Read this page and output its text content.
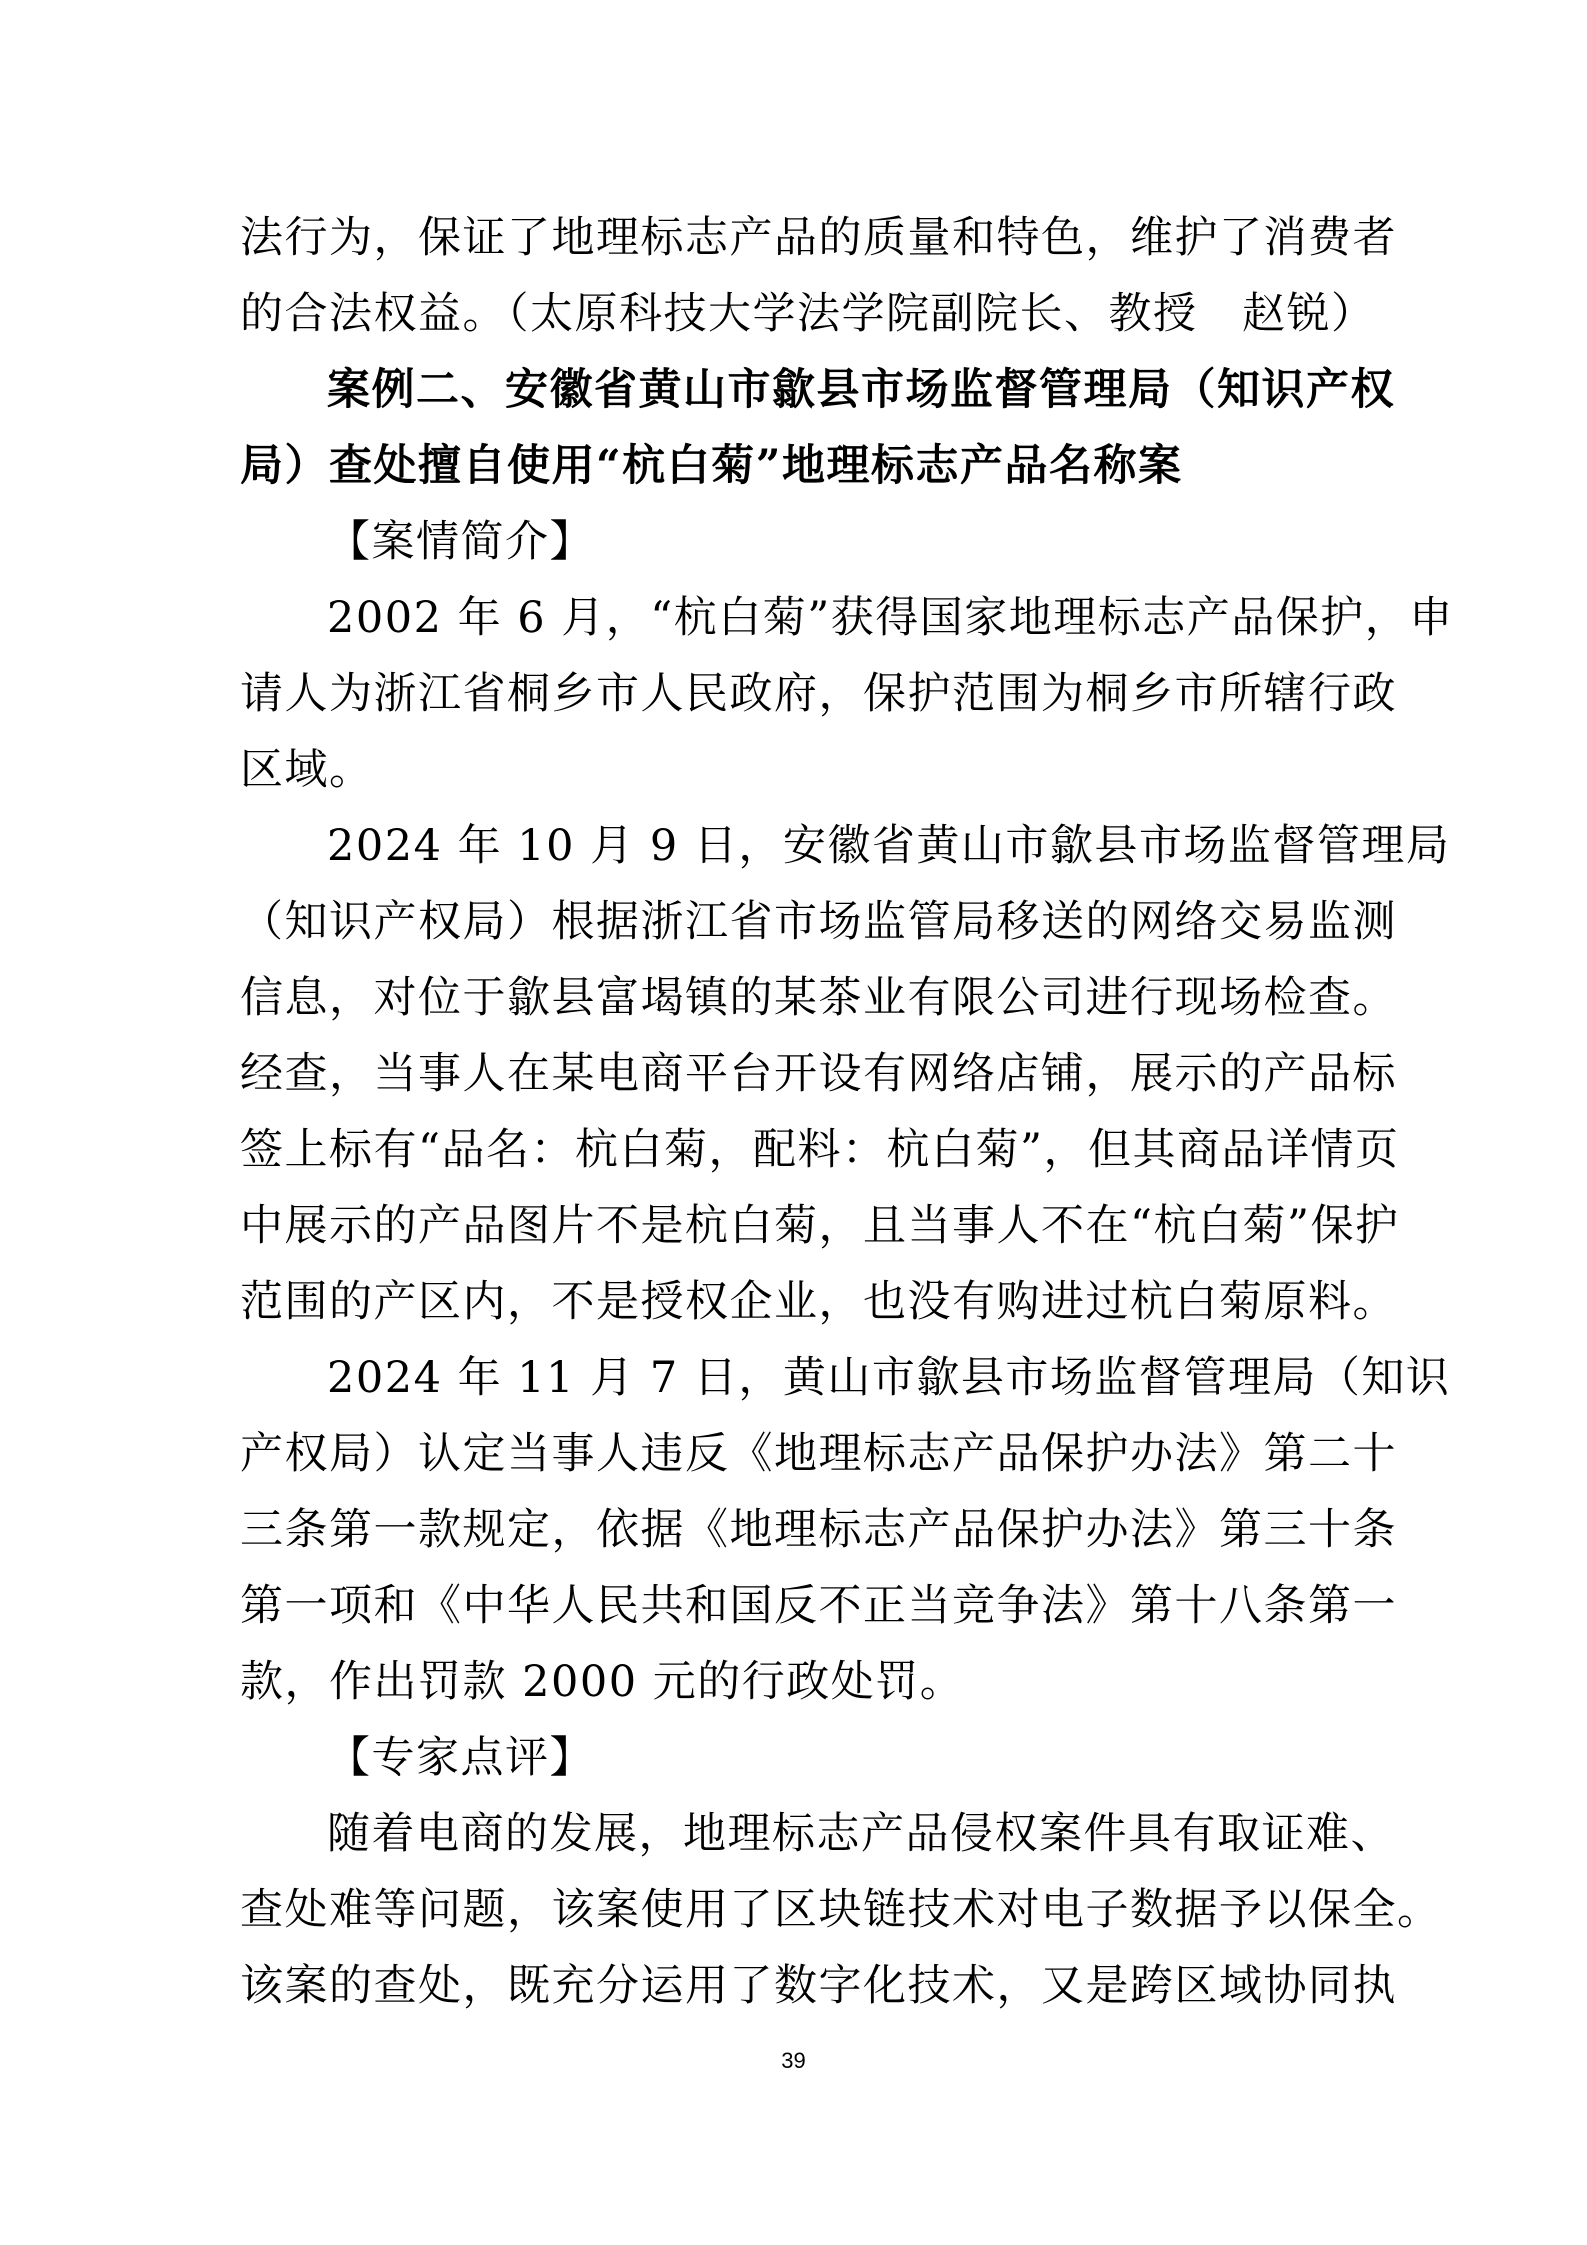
法行为，保证了地理标志产品的质量和特色，维护了消费者
的合法权益。（太原科技大学法学院副院长、教授　赵锐）
案例二、安徽省黄山市歙县市场监督管理局（知识产权
局）查处擅自使用“杭白菊”地理标志产品名称案
【案情简介】
2002 年 6 月，“杭白菊”获得国家地理标志产品保护，申
请人为浙江省桐乡市人民政府，保护范围为桐乡市所辖行政
区域。
2024 年 10 月 9 日，安徽省黄山市歙县市场监督管理局
（知识产权局）根据浙江省市场监管局移送的网络交易监测
信息，对位于歙县富堨镇的某茶业有限公司进行现场检查。
经查，当事人在某电商平台开设有网络店铺，展示的产品标
签上标有“品名：杭白菊，配料：杭白菊”，但其商品详情页
中展示的产品图片不是杭白菊，且当事人不在“杭白菊”保护
范围的产区内，不是授权企业，也没有购进过杭白菊原料。
2024 年 11 月 7 日，黄山市歙县市场监督管理局（知识
产权局）认定当事人违反《地理标志产品保护办法》第二十
三条第一款规定，依据《地理标志产品保护办法》第三十条
第一项和《中华人民共和国反不正当竞争法》第十八条第一
款，作出罚款 2000 元的行政处罚。
【专家点评】
随着电商的发展，地理标志产品侵权案件具有取证难、
查处难等问题，该案使用了区块链技术对电子数据予以保全。
该案的查处，既充分运用了数字化技术，又是跨区域协同执
39
